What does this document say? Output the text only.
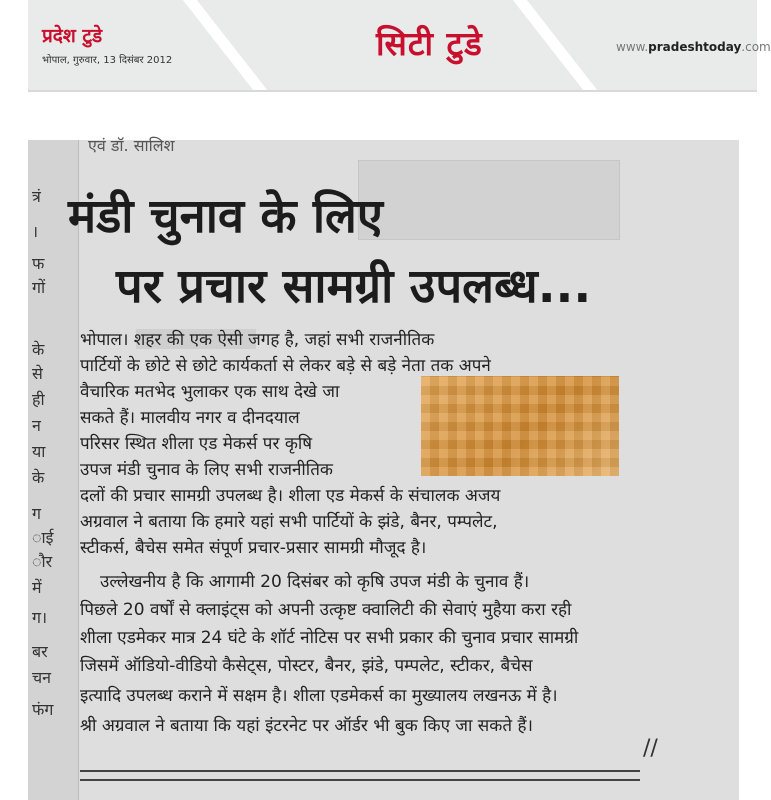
प्रदेश टुडे
भोपाल, गुरुवार, 13 दिसंबर 2012	सिटी टुडे	www.pradeshtoday.com
त्रं
।
फ
गों
के
से
ही
न
या
के
ग
ाई
ौर
में
ग।
बर
चन
फंग
एवं डॉ. सालिश
मंडी चुनाव के लिए
पर प्रचार सामग्री उपलब्ध...
भोपाल। शहर की एक ऐसी जगह है, जहां सभी राजनीतिक
पार्टियों के छोटे से छोटे कार्यकर्ता से लेकर बड़े से बड़े नेता तक अपने
वैचारिक मतभेद भुलाकर एक साथ देखे जा
सकते हैं। मालवीय नगर व दीनदयाल
परिसर स्थित शीला एड मेकर्स पर कृषि
उपज मंडी चुनाव के लिए सभी राजनीतिक
दलों की प्रचार सामग्री उपलब्ध है। शीला एड मेकर्स के संचालक अजय
अग्रवाल ने बताया कि हमारे यहां सभी पार्टियों के झंडे, बैनर, पम्पलेट,
स्टीकर्स, बैचेस समेत संपूर्ण प्रचार-प्रसार सामग्री मौजूद है।
उल्लेखनीय है कि आगामी 20 दिसंबर को कृषि उपज मंडी के चुनाव हैं।
पिछले 20 वर्षों से क्लाइंट्स को अपनी उत्कृष्ट क्वालिटी की सेवाएं मुहैया करा रही
शीला एडमेकर मात्र 24 घंटे के शॉर्ट नोटिस पर सभी प्रकार की चुनाव प्रचार सामग्री
जिसमें ऑडियो-वीडियो कैसेट्स, पोस्टर, बैनर, झंडे, पम्पलेट, स्टीकर, बैचेस
इत्यादि उपलब्ध कराने में सक्षम है। शीला एडमेकर्स का मुख्यालय लखनऊ में है।
श्री अग्रवाल ने बताया कि यहां इंटरनेट पर ऑर्डर भी बुक किए जा सकते हैं।
//
